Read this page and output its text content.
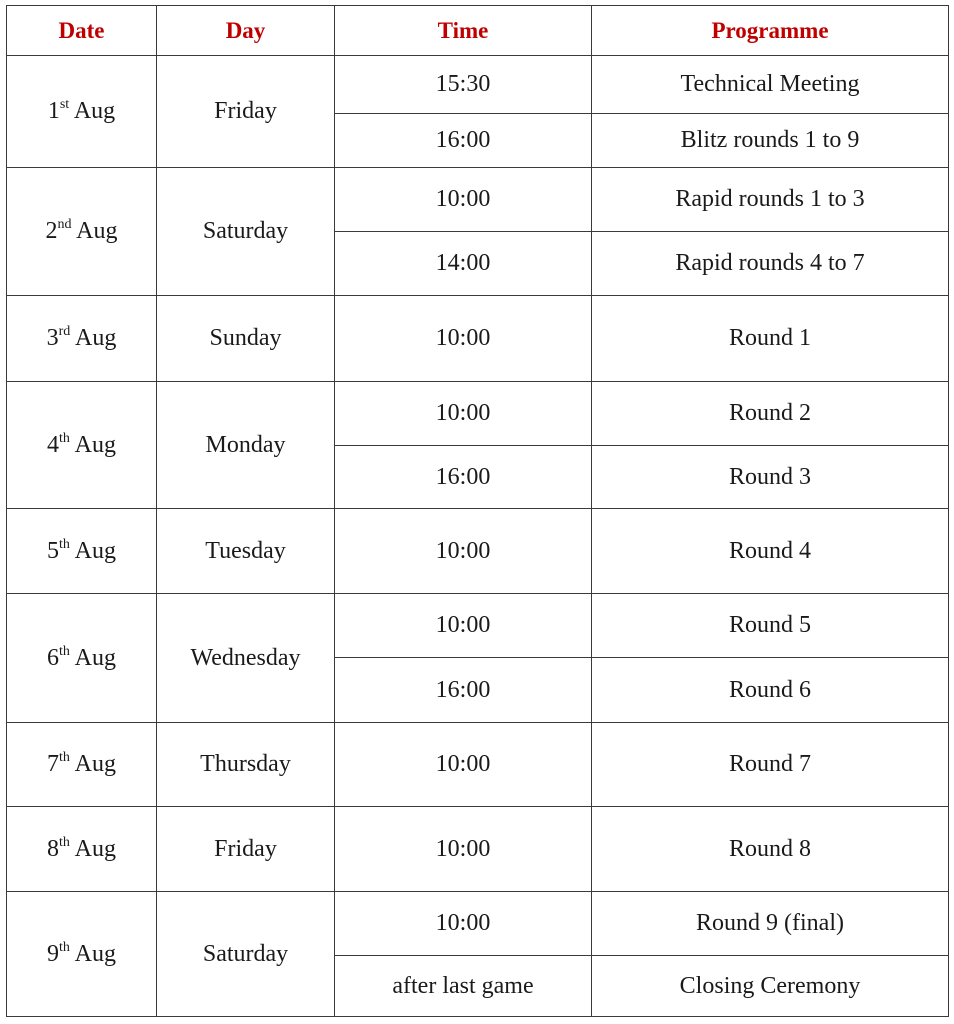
Date	Day	Time	Programme
1st Aug	Friday	15:30	Technical Meeting
		16:00	Blitz rounds 1 to 9
2nd Aug	Saturday	10:00	Rapid rounds 1 to 3
		14:00	Rapid rounds 4 to 7
3rd Aug	Sunday	10:00	Round 1
4th Aug	Monday	10:00	Round 2
		16:00	Round 3
5th Aug	Tuesday	10:00	Round 4
6th Aug	Wednesday	10:00	Round 5
		16:00	Round 6
7th Aug	Thursday	10:00	Round 7
8th Aug	Friday	10:00	Round 8
9th Aug	Saturday	10:00	Round 9 (final)
		after last game	Closing Ceremony
